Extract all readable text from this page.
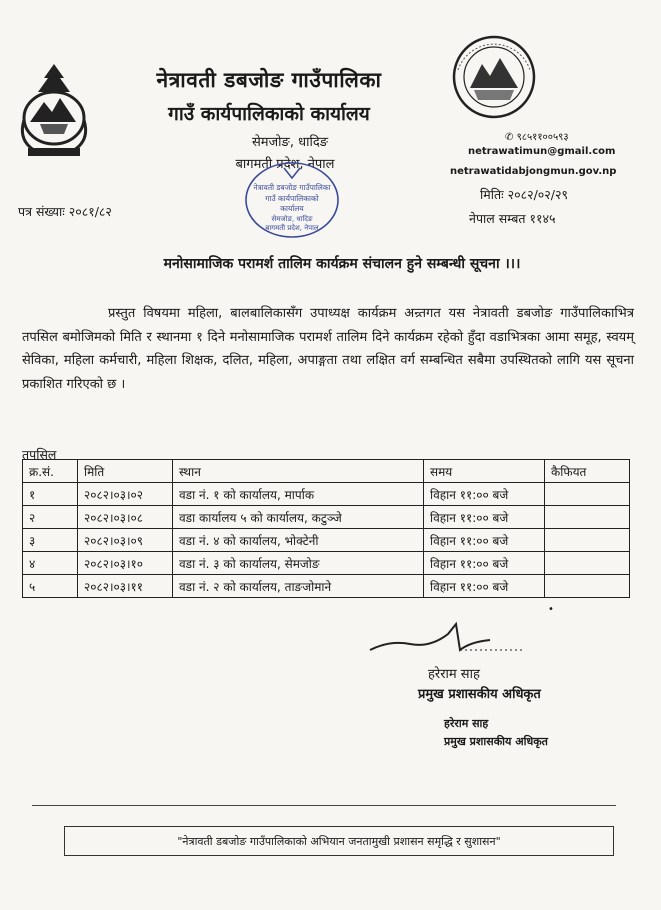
नेत्रावती डबजोङ गाउँपालिका
गाउँ कार्यपालिकाको कार्यालय
सेमजोङ, धादिङ
बागमती प्रदेश, नेपाल
✆ ९८५११००५९३
netrawatimun@gmail.com
netrawatidabjongmun.gov.np
पत्र संख्याः २०८१/८२
मितिः २०८२/०२/२९
नेपाल सम्बत ११४५
नेत्रावती डबजोङ गाउँपालिका
गाउँ कार्यपालिकाको
कार्यालय
सेमजोङ, धादिङ
बागमती प्रदेश, नेपाल
मनोसामाजिक परामर्श तालिम कार्यक्रम संचालन हुने सम्बन्धी सूचना ।।।
प्रस्तुत विषयमा महिला, बालबालिकासँग उपाध्यक्ष कार्यक्रम अन्र्तगत यस नेत्रावती डबजोङ गाउँपालिकाभित्र तपसिल बमोजिमको मिति र स्थानमा १ दिने मनोसामाजिक परामर्श तालिम दिने कार्यक्रम रहेको हुँदा वडाभित्रका आमा समूह, स्वयम् सेविका, महिला कर्मचारी, महिला शिक्षक, दलित, महिला, अपाङ्गता तथा लक्षित वर्ग सम्बन्धित सबैमा उपस्थितको लागि यस सूचना प्रकाशित गरिएको छ ।
तपसिल
क्र.सं.	मिति	स्थान	समय	कैफियत
१	२०८२।०३।०२	वडा नं. १ को कार्यालय, मार्पाक	विहान ११:०० बजे	
२	२०८२।०३।०८	वडा कार्यालय ५ को कार्यालय, कटुञ्जे	विहान ११:०० बजे	
३	२०८२।०३।०९	वडा नं. ४ को कार्यालय, भोक्टेनी	विहान ११:०० बजे	
४	२०८२।०३।१०	वडा नं. ३ को कार्यालय, सेमजोङ	विहान ११:०० बजे	
५	२०८२।०३।११	वडा नं. २ को कार्यालय, ताङजोमाने	विहान ११:०० बजे	
•
हरेराम साह
प्रमुख प्रशासकीय अधिकृत
हरेराम साह
प्रमुख प्रशासकीय अधिकृत
"नेत्रावती डबजोङ गाउँपालिकाको अभियान जनतामुखी प्रशासन समृद्धि र सुशासन"
